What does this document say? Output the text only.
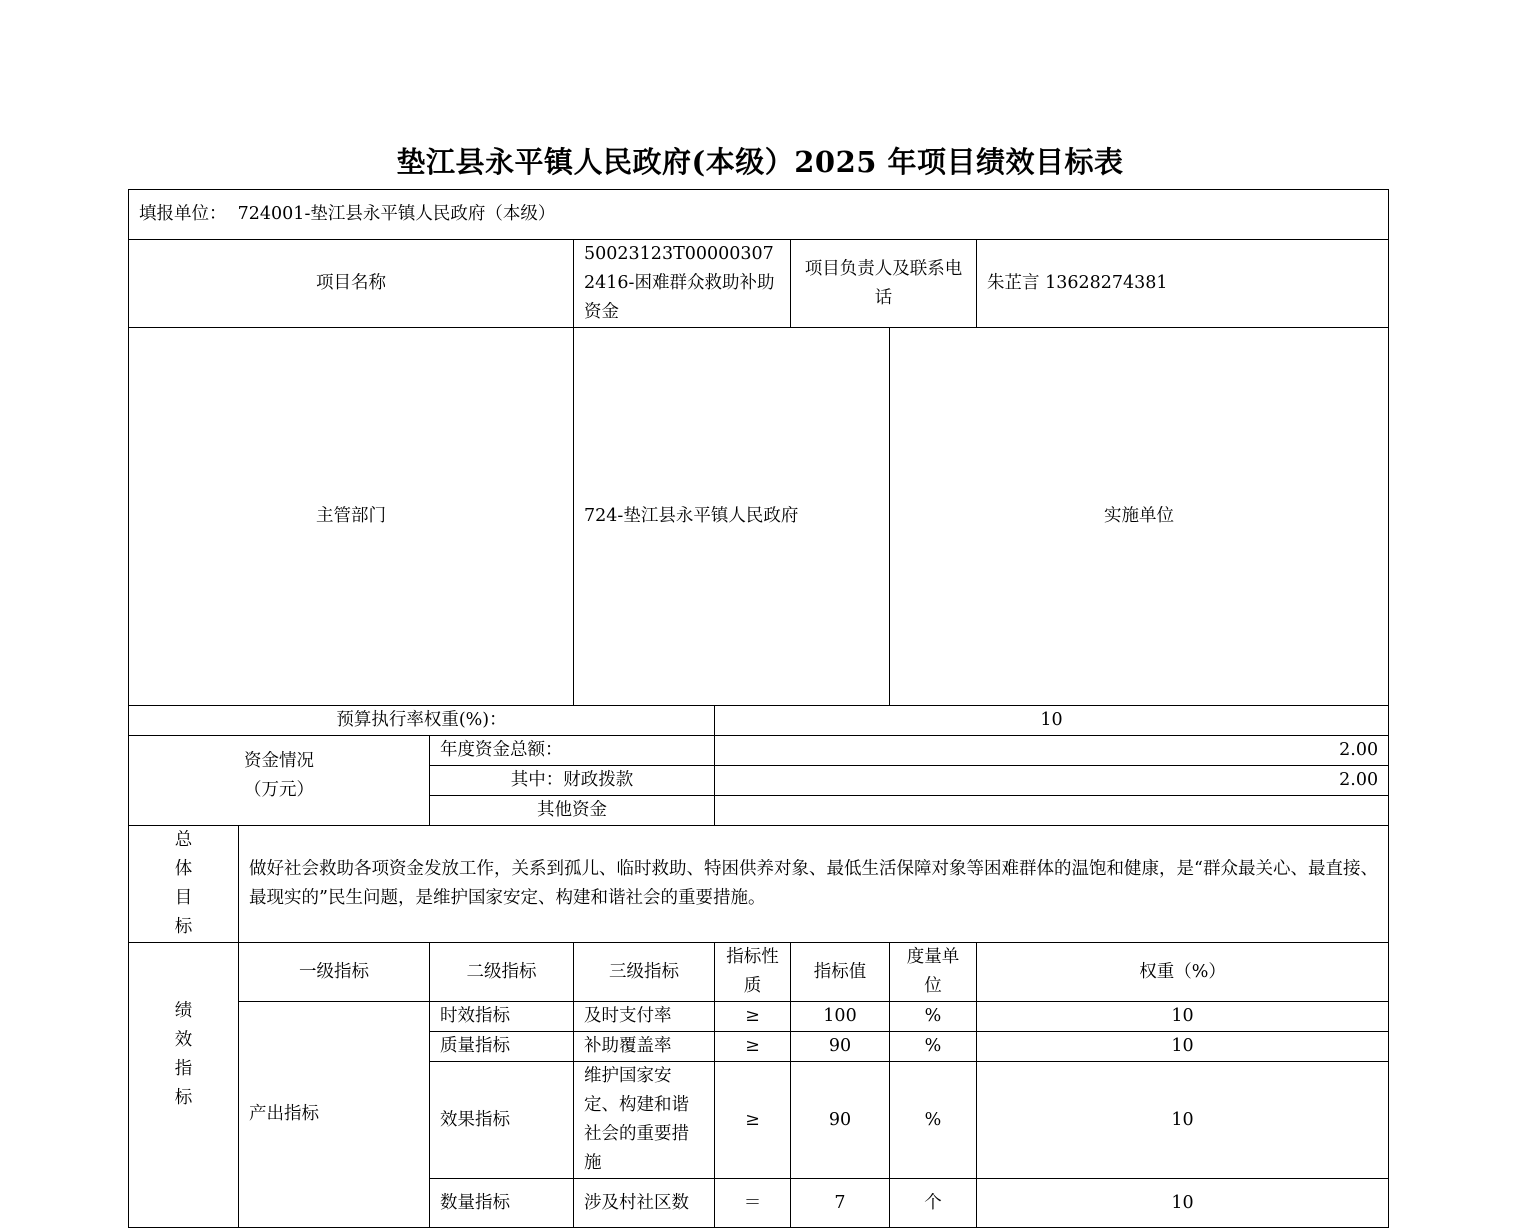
垫江县永平镇人民政府(本级）2025 年项目绩效目标表
填报单位： 724001-垫江县永平镇人民政府（本级）								
项目名称			50023123T000003072416-困难群众救助补助资金		项目负责人及联系电话		朱芷言 13628274381	
主管部门			724-垫江县永平镇人民政府			实施单位	
预算执行率权重(%)：				10				

资金情况
（万元）		年度资金总额：		2.00				
		其中：财政拨款		2.00				
		其他资金						

总
体
目
标	做好社会救助各项资金发放工作，关系到孤儿、临时救助、特困供养对象、最低生活保障对象等困难群体的温饱和健康，是“群众最关心、最直接、最现实的”民生问题，是维护国家安定、构建和谐社会的重要措施。							

绩
效
指
标	一级指标	二级指标	三级指标	指标性质	指标值	度量单位	权重（%）	
	产出指标	时效指标	及时支付率	≥	100	%	10	
		质量指标	补助覆盖率	≥	90	%	10	
		效果指标	维护国家安定、构建和谐社会的重要措施	≥	90	%	10	
		数量指标	涉及村社区数	＝	7	个	10	
